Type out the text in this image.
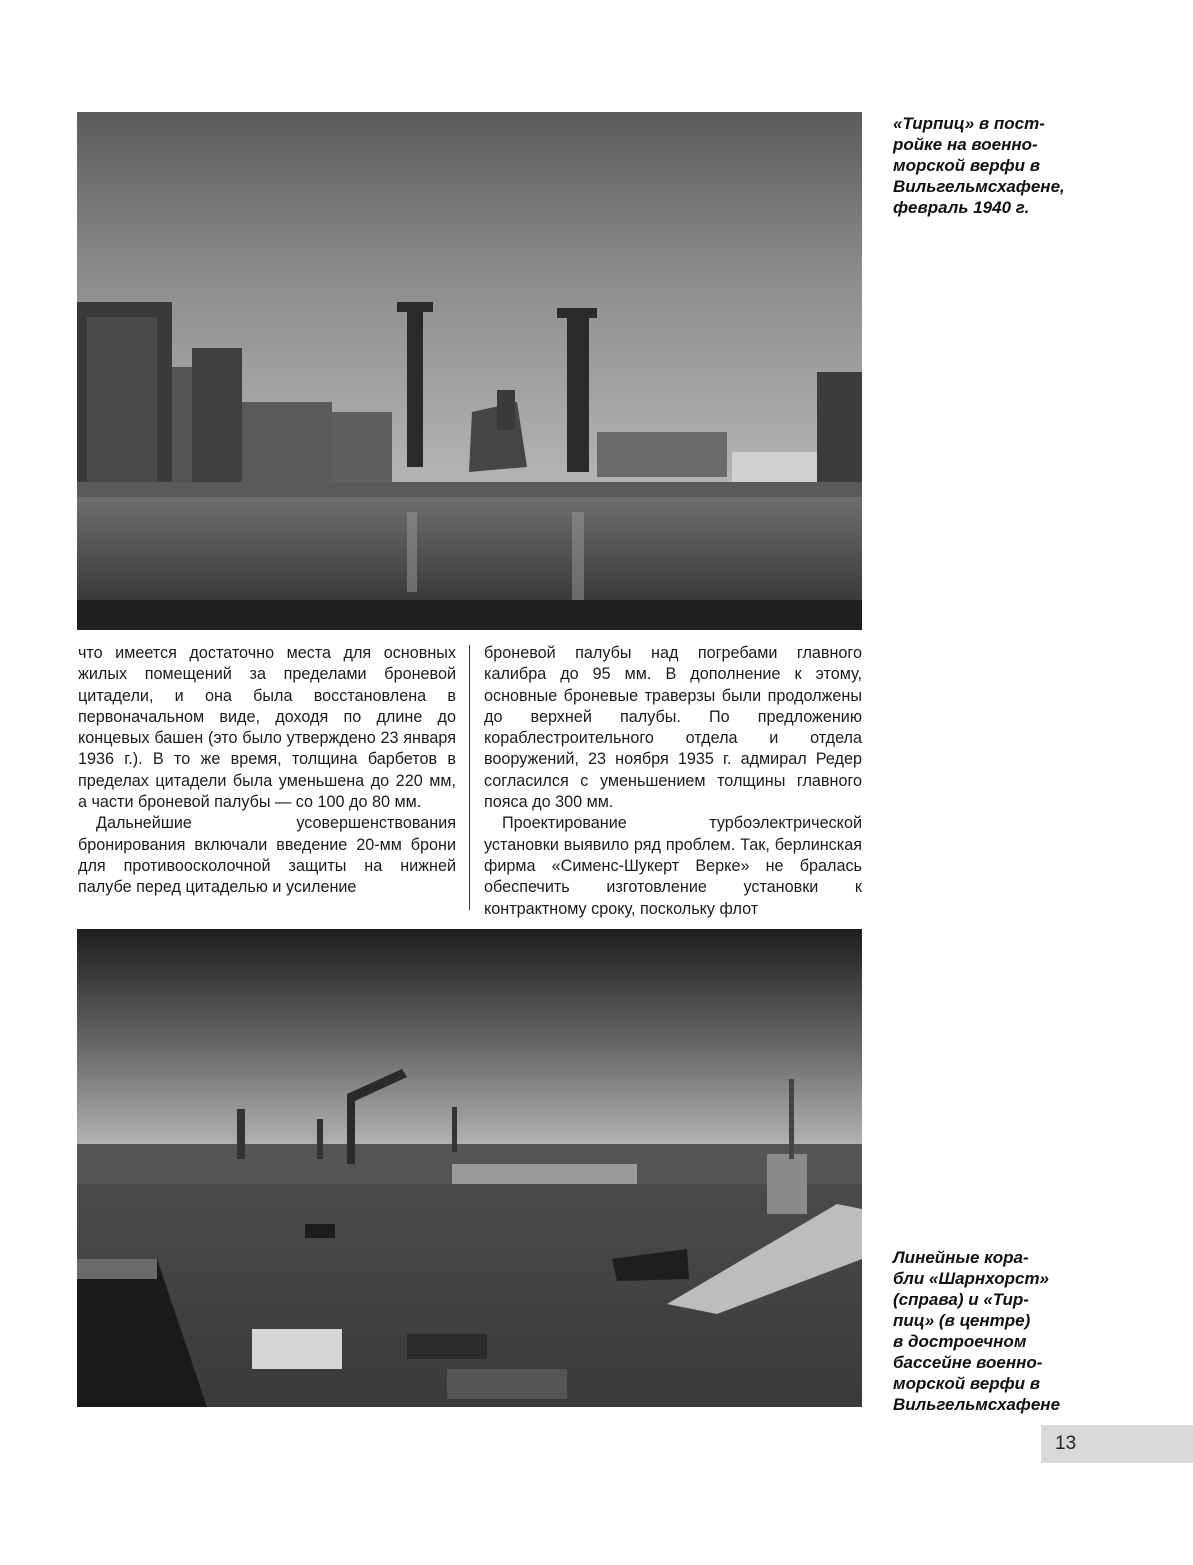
«Тирпиц» в пост-
ройке на военно-
морской верфи в
Вильгельмсхафене,
февраль 1940 г.

что имеется достаточно места для основных жилых помещений за пределами броневой цитадели, и она была восстановлена в первоначальном виде, доходя по длине до концевых башен (это было утверждено 23 января 1936 г.). В то же время, толщина барбетов в пределах цитадели была уменьшена до 220 мм, а части броневой палубы — со 100 до 80 мм.

Дальнейшие усовершенствования бронирования включали введение 20-мм брони для противоосколочной защиты на нижней палубе перед цитаделью и усиление

броневой палубы над погребами главного калибра до 95 мм. В дополнение к этому, основные броневые траверзы были продолжены до верхней палубы. По предложению кораблестроительного отдела и отдела вооружений, 23 ноября 1935 г. адмирал Редер согласился с уменьшением толщины главного пояса до 300 мм.

Проектирование турбоэлектрической установки выявило ряд проблем. Так, берлинская фирма «Сименс-Шукерт Верке» не бралась обеспечить изготовление установки к контрактному сроку, поскольку флот

Линейные кора-
бли «Шарнхорст»
(справа) и «Тир-
пиц» (в центре)
в достроечном
бассейне военно-
морской верфи в
Вильгельмсхафене
13
